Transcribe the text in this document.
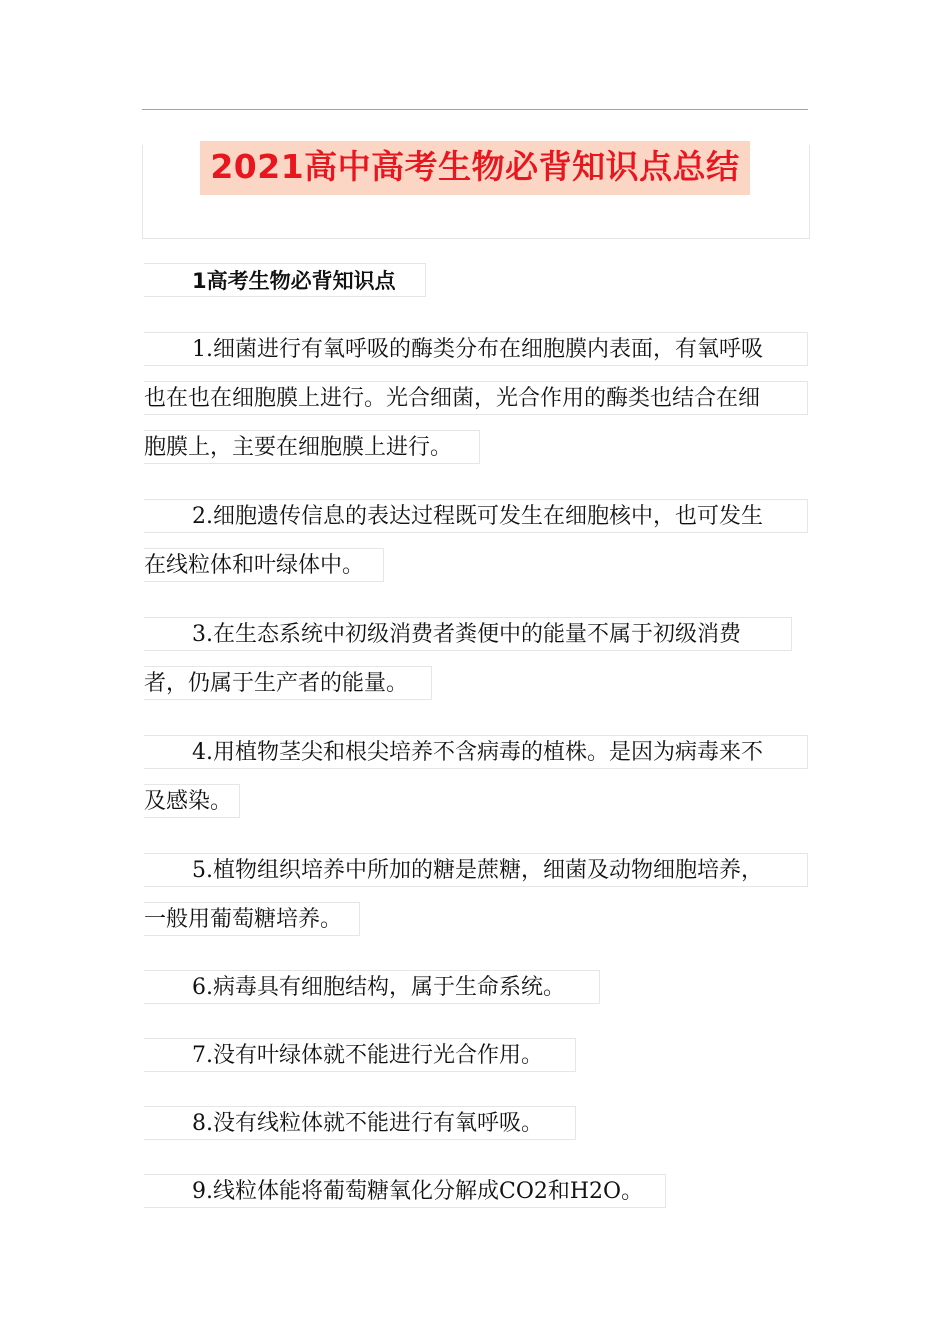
2021高中高考生物必背知识点总结
1高考生物必背知识点
1.细菌进行有氧呼吸的酶类分布在细胞膜内表面，有氧呼吸
也在也在细胞膜上进行。光合细菌，光合作用的酶类也结合在细
胞膜上，主要在细胞膜上进行。
2.细胞遗传信息的表达过程既可发生在细胞核中，也可发生
在线粒体和叶绿体中。
3.在生态系统中初级消费者粪便中的能量不属于初级消费
者，仍属于生产者的能量。
4.用植物茎尖和根尖培养不含病毒的植株。是因为病毒来不
及感染。
5.植物组织培养中所加的糖是蔗糖，细菌及动物细胞培养，
一般用葡萄糖培养。
6.病毒具有细胞结构，属于生命系统。
7.没有叶绿体就不能进行光合作用。
8.没有线粒体就不能进行有氧呼吸。
9.线粒体能将葡萄糖氧化分解成CO2和H2O。
